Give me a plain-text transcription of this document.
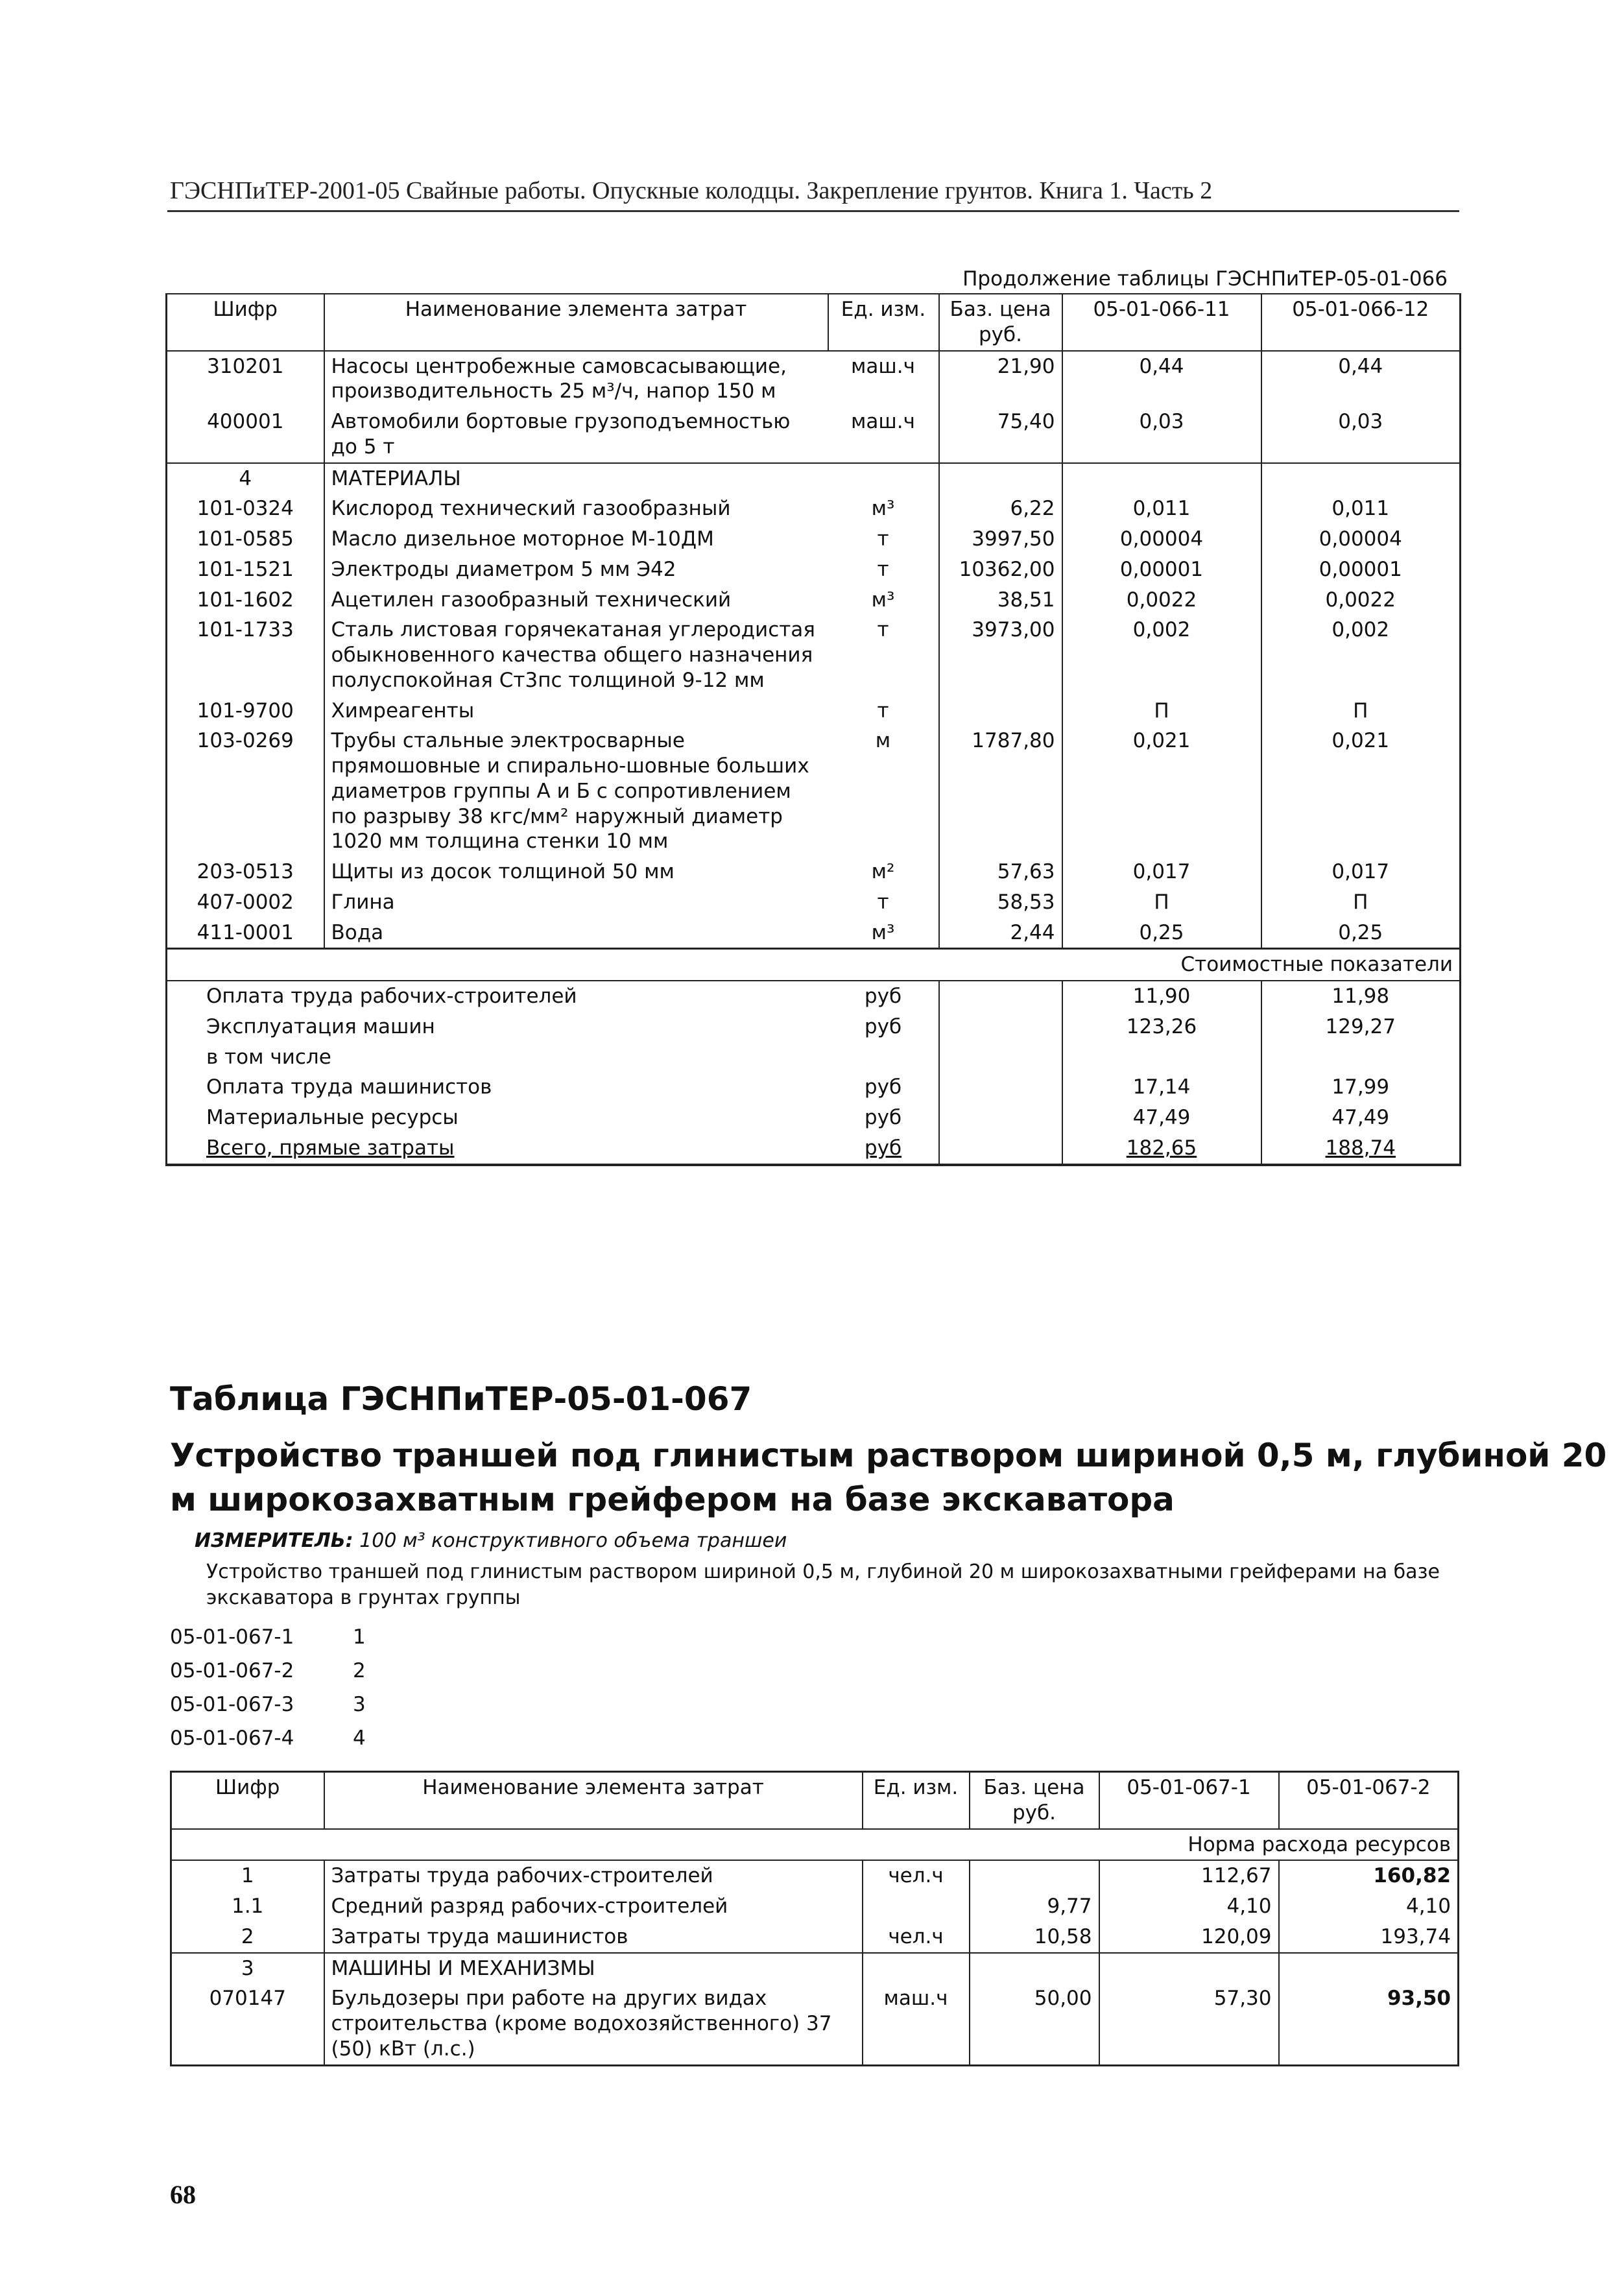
ГЭСНПиТЕР-2001-05 Свайные работы. Опускные колодцы. Закрепление грунтов. Книга 1. Часть 2
Продолжение таблицы ГЭСНПиТЕР-05-01-066
Шифр	Наименование элемента затрат	Ед. изм.	Баз. цена руб.	05-01-066-11	05-01-066-12
310201	Насосы центробежные самовсасывающие, производительность 25 м³/ч, напор 150 м	маш.ч	21,90	0,44	0,44
400001	Автомобили бортовые грузоподъемностью до 5 т	маш.ч	75,40	0,03	0,03
4	МАТЕРИАЛЫ				
101-0324	Кислород технический газообразный	м³	6,22	0,011	0,011
101-0585	Масло дизельное моторное М-10ДМ	т	3997,50	0,00004	0,00004
101-1521	Электроды диаметром 5 мм Э42	т	10362,00	0,00001	0,00001
101-1602	Ацетилен газообразный технический	м³	38,51	0,0022	0,0022
101-1733	Сталь листовая горячекатаная углеродистая обыкновенного качества общего назначения полуспокойная Ст3пс толщиной 9-12 мм	т	3973,00	0,002	0,002
101-9700	Химреагенты	т		П	П
103-0269	Трубы стальные электросварные прямошовные и спирально-шовные больших диаметров группы А и Б с сопротивлением по разрыву 38 кгс/мм² наружный диаметр 1020 мм толщина стенки 10 мм	м	1787,80	0,021	0,021
203-0513	Щиты из досок толщиной 50 мм	м²	57,63	0,017	0,017
407-0002	Глина	т	58,53	П	П
411-0001	Вода	м³	2,44	0,25	0,25
Стоимостные показатели					
Оплата труда рабочих-строителей		руб		11,90	11,98
Эксплуатация машин		руб		123,26	129,27
в том числе					
Оплата труда машинистов		руб		17,14	17,99
Материальные ресурсы		руб		47,49	47,49
Всего, прямые затраты		руб		182,65	188,74
Таблица ГЭСНПиТЕР-05-01-067
Устройство траншей под глинистым раствором шириной 0,5 м, глубиной 20 м широкозахватным грейфером на базе экскаватора
ИЗМЕРИТЕЛЬ: 100 м³ конструктивного объема траншеи
Устройство траншей под глинистым раствором шириной 0,5 м, глубиной 20 м широкозахватными грейферами на базе экскаватора в грунтах группы
05-01-067-1	1
05-01-067-2	2
05-01-067-3	3
05-01-067-4	4
Шифр	Наименование элемента затрат	Ед. изм.	Баз. цена руб.	05-01-067-1	05-01-067-2
Норма расхода ресурсов					
1	Затраты труда рабочих-строителей	чел.ч		112,67	160,82
1.1	Средний разряд рабочих-строителей		9,77	4,10	4,10
2	Затраты труда машинистов	чел.ч	10,58	120,09	193,74
3	МАШИНЫ И МЕХАНИЗМЫ				
070147	Бульдозеры при работе на других видах строительства (кроме водохозяйственного) 37 (50) кВт (л.с.)	маш.ч	50,00	57,30	93,50
68
